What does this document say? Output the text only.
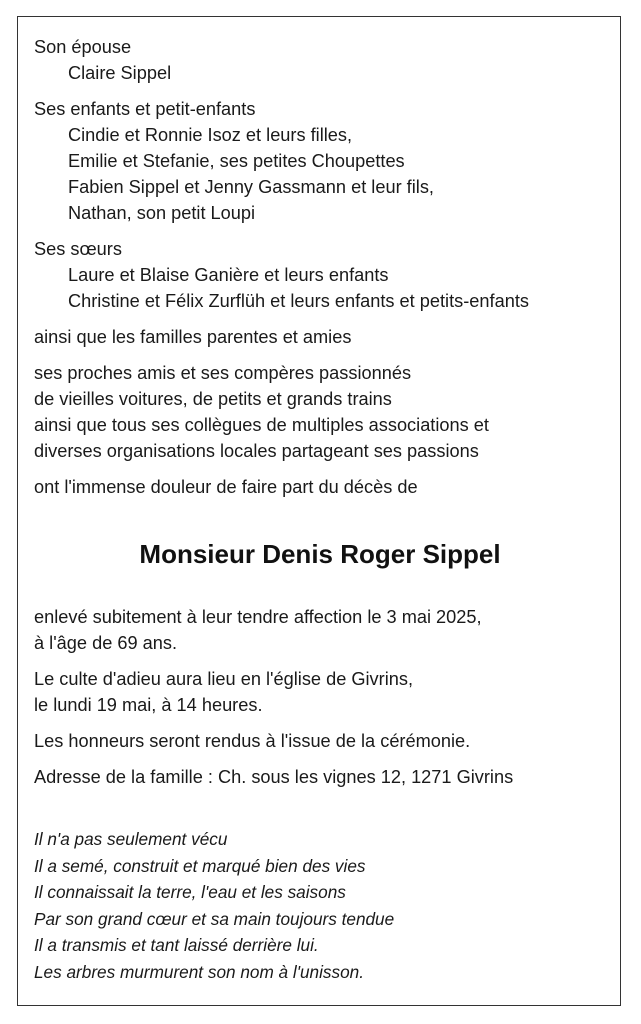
Son épouse
Claire Sippel
Ses enfants et petit-enfants
Cindie et Ronnie Isoz et leurs filles,
Emilie et Stefanie, ses petites Choupettes
Fabien Sippel et Jenny Gassmann et leur fils,
Nathan, son petit Loupi
Ses sœurs
Laure et Blaise Ganière et leurs enfants
Christine et Félix Zurflüh et leurs enfants et petits-enfants
ainsi que les familles parentes et amies
ses proches amis et ses compères passionnés
de vieilles voitures, de petits et grands trains
ainsi que tous ses collègues de multiples associations et
diverses organisations locales partageant ses passions
ont l'immense douleur de faire part du décès de
Monsieur Denis Roger Sippel
enlevé subitement à leur tendre affection le 3 mai 2025,
à l'âge de 69 ans.
Le culte d'adieu aura lieu en l'église de Givrins,
le lundi 19 mai, à 14 heures.
Les honneurs seront rendus à l'issue de la cérémonie.
Adresse de la famille : Ch. sous les vignes 12, 1271 Givrins
Il n'a pas seulement vécu
Il a semé, construit et marqué bien des vies
Il connaissait la terre, l'eau et les saisons
Par son grand cœur et sa main toujours tendue
Il a transmis et tant laissé derrière lui.
Les arbres murmurent son nom à l'unisson.
